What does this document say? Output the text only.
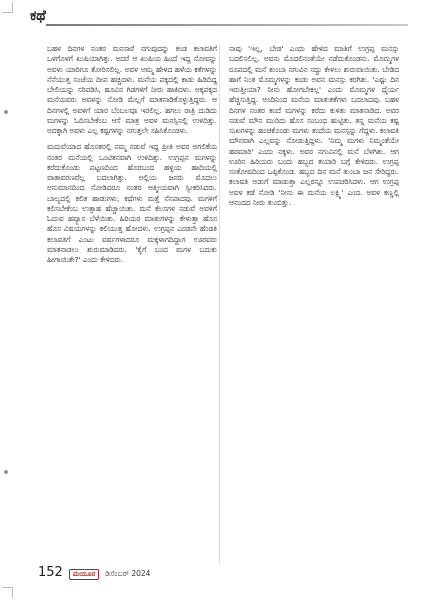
ಕಥೆ

ಬಹಳ ದಿನಗಳ ನಂತರ ಮನಸಾರೆ ನಗುವುದನ್ನು ಕಂಡ ಕಲಾವತಿಗೆ ಒಳಗೊಳಗೆ ಖುಷಿಯಾಗಿತ್ತು. ಅದರೆ ಆ ಖುಷಿಯ ಹಿಂದೆ ಇದ್ದ ನೋವನ್ನು ಅವಳು ಯಾರಿಗೂ ತೋರಿಸಲಿಲ್ಲ. ಅವಳ ಅಮ್ಮ ಹೇಳಿದ ಹಳೆಯ ಕತೆಗಳನ್ನು ನೆನೆಯುತ್ತ ಸಂಜೆಯ ದೀಪ ಹಚ್ಚಿದಳು. ಮನೆಯ ಪಕ್ಕದಲ್ಲಿ ಕಾಡು ಹಿಡಿದಿದ್ದ ಬೇಲಿಯನ್ನು ಸರಿಪಡಿಸಿ, ಹೂವಿನ ಗಿಡಗಳಿಗೆ ನೀರು ಹಾಕಿದಳು. ಅಕ್ಕಪಕ್ಕದ ಮನೆಯವರು ಅವಳನ್ನು ನೋಡಿ ಮೆಲ್ಲಗೆ ಮಾತನಾಡಿಕೊಳ್ಳುತ್ತಿದ್ದರು. ಆ ದಿನಗಳಲ್ಲಿ ಅವಳಿಗೆ ಯಾರ ಬೆಂಬಲವೂ ಇರಲಿಲ್ಲ. ಹಗಲು ರಾತ್ರಿ ದುಡಿದು ಮಗಳನ್ನು ಓದಿಸಬೇಕೆಂಬ ಆಸೆ ಮಾತ್ರ ಅವಳ ಮನಸ್ಸಿನಲ್ಲಿ ಉಳಿದಿತ್ತು. ಅದಕ್ಕಾಗಿ ಅವಳು ಎಲ್ಲ ಕಷ್ಟಗಳನ್ನು ನಗುತ್ತಲೇ ಸಹಿಸಿಕೊಂಡಳು.

ಮದುವೆಯಾದ ಹೊಸತರಲ್ಲಿ ನಮ್ಮ ನಡುವೆ ಇದ್ದ ಪ್ರೀತಿ ಅವರ ಅಗಲಿಕೆಯ ನಂತರ ಮನೆಯಲ್ಲಿ ಒಂಟಿತನವಾಗಿ ಉಳಿದಿತ್ತು. ಉಗ್ರಪ್ಪನ ಮಗಳನ್ನು ಕರೆದುಕೊಂಡು ಪಟ್ಟಣದಿಂದ ಹೊರಬಂದ ಹಳ್ಳಿಯ ಹಾದಿಯಲ್ಲಿ ವಾತಾವರಣವೆಲ್ಲ ಬದಲಾಗಿತ್ತು. ಅಲ್ಲಿಯ ಜನರು ಮೊದಲು ಅನುಮಾನದಿಂದ ನೋಡಿದರೂ ನಂತರ ಆತ್ಮೀಯವಾಗಿ ಸ್ವೀಕರಿಸಿದರು. ಬಾಲ್ಯದಲ್ಲಿ ಕಲಿತ ಹಾಡುಗಳು, ಕಥೆಗಳು ಮತ್ತೆ ನೆನಪಾದವು. ಮಗಳಿಗೆ ಕಲಿಸಬೇಕೆಂಬ ಉತ್ಸಾಹ ಹೆಚ್ಚಾಯಿತು. ಮನೆ ಕೆಲಸಗಳ ನಡುವೆ ಅವಳಿಗೆ ಓದುವ ಹವ್ಯಾಸ ಬೆಳೆಯಿತು. ಹಿರಿಯರ ಮಾತುಗಳನ್ನು ಕೇಳುತ್ತಾ ಹೊಸ ಹೊಸ ವಿಷಯಗಳನ್ನು ಕಲಿಯುತ್ತ ಹೋದಳು. ಉಗ್ರಪ್ಪನ ಎರಡನೇ ಹೆಂಡತಿ ಕಲಾವತಿಗೆ ಎಂಟು ವರ್ಷಗಳಾದರೂ ಮಕ್ಕಳಾಗದಿದ್ದಾಗ ಊರವರು ಮಾತನಾಡಲು ಶುರುಮಾಡಿದರು. 'ಕೈಗೆ ಬಂದ ಮಗಳ ಬದುಕು ಹೀಗಾಯಿತೇ?' ಎಂದು ಕೇಳಿದರು.

ನಾವು 'ಇಲ್ಲ, ಬೇಡ' ಎಂದು ಹೇಳಿದ ಮಾತಿಗೆ ಉಗ್ರಪ್ಪ ಮನಸ್ಸು ಬದಲಿಸಲಿಲ್ಲ. ಅವನು ಮೊದಲಿನಂತೆಯೇ ನಡೆದುಕೊಂಡನು. ಮೊಮ್ಮಗಳ ರೂಪದಲ್ಲಿ ಮನೆ ತುಂಬಾ ನಗುವಿನ ಸದ್ದು ಕೇಳಲು ಶುರುವಾಯಿತು. ಬೇಡಿದ ಹಾಗೆ ನಿಂತ ಮೊಮ್ಮಗಳನ್ನು ಕಂಡು ಅವನ ಮನಸ್ಸು ಕರಗಿತು. 'ಎಷ್ಟು ದಿನ ಇರುತ್ತೀಯಾ? ನೀನು ಹೋಗಬೇಕಲ್ಲ' ಎಂದು ಮೊಮ್ಮಗಳ ಧೈರ್ಯ ಹೆಚ್ಚಿಸುತ್ತಿದ್ದ. ಅಂದಿನಿಂದ ಮನೆಯ ಮಾತುಕತೆಗಳು ಬದಲಾದವು. ಬಹಳ ದಿನಗಳ ನಂತರ ತಂದೆ ಮಗಳನ್ನು ಕರೆದು ಕುಳಿತು ಮಾತನಾಡಿದ. ಅವರ ನಡುವೆ ಮೌನ ಮುರಿದು ಹೊಸ ಸಂಬಂಧ ಹುಟ್ಟಿತು. ತನ್ನ ಮನೆಯ ಕಷ್ಟ ಸುಖಗಳನ್ನು ಹಂಚಿಕೊಂಡು ಮಗಳು ತಂದೆಯ ಮನಸ್ಸನ್ನು ಗೆದ್ದಳು. ಕಲಾವತಿ ಮೌನವಾಗಿ ಎಲ್ಲವನ್ನು ನೋಡುತ್ತಿದ್ದಳು. 'ನಿಮ್ಮ ಮಗಳು ನಿಮ್ಮಂತೆಯೇ ಹಠಮಾರಿ' ಎಂದು ನಕ್ಕಳು. ಅವರ ನಗುವಿನಲ್ಲಿ ಮನೆ ಬೆಳಗಿತು. ಆಗ ಊರಿನ ಹಿರಿಯರು ಬಂದು ಹಬ್ಬದ ತಯಾರಿ ಬಗ್ಗೆ ಕೇಳಿದರು. ಉಗ್ರಪ್ಪ ಸಂತೋಷದಿಂದ ಒಪ್ಪಿಕೊಂಡ. ಹಬ್ಬದ ದಿನ ಮನೆ ತುಂಬಾ ಜನ ಸೇರಿದ್ದರು. ಕಲಾವತಿ ಅಡುಗೆ ಮಾಡುತ್ತಾ ಎಲ್ಲರನ್ನೂ ಉಪಚರಿಸಿದಳು. ಆಗ ಉಗ್ರಪ್ಪ ಅವಳ ಕಡೆ ನೋಡಿ 'ನೀನು ಈ ಮನೆಯ ಲಕ್ಷ್ಮಿ' ಎಂದ. ಅವಳ ಕಣ್ಣಲ್ಲಿ ಆನಂದದ ನೀರು ತುಂಬಿತ್ತು.

152	ಮಯೂರ	ಡಿಸೆಂಬರ್ 2024
